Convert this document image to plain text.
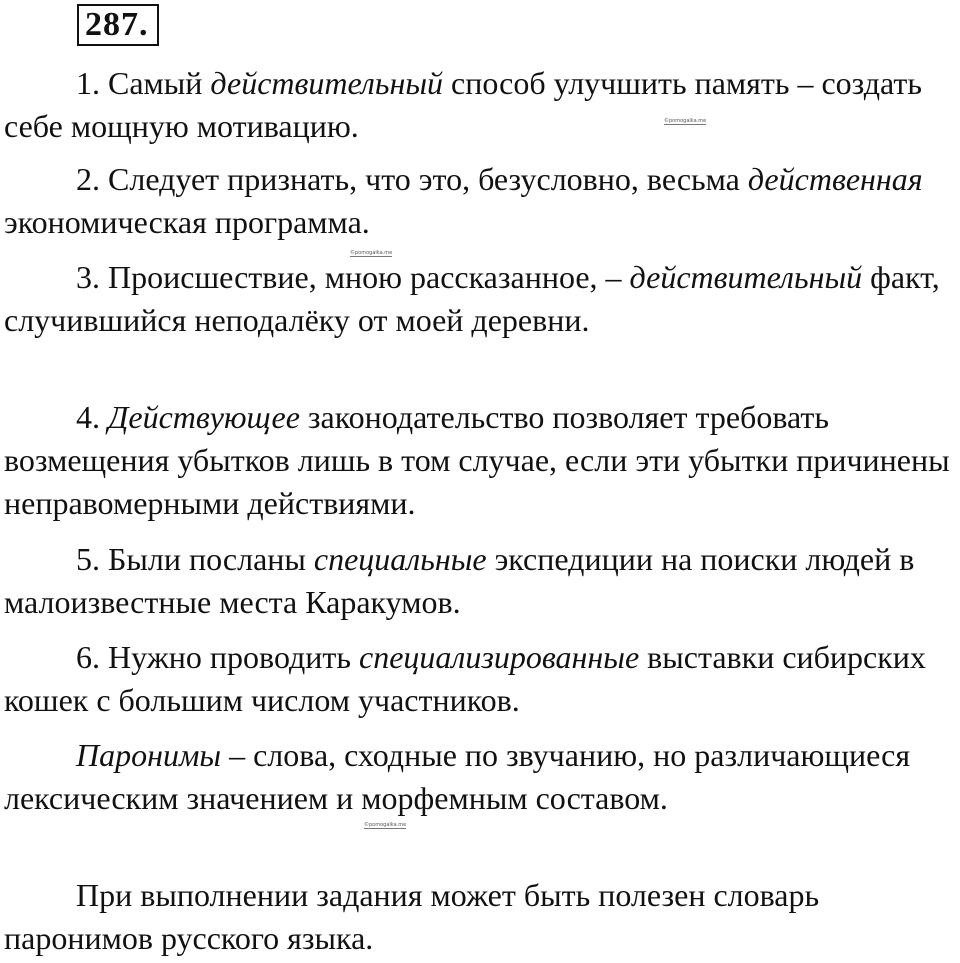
287.

1. Самый действительный способ улучшить память – создать себе мощную мотивацию.

2. Следует признать, что это, безусловно, весьма действенная экономическая программа.

3. Происшествие, мною рассказанное, – действительный факт, случившийся неподалёку от моей деревни.

4. Действующее законодательство позволяет требовать возмещения убытков лишь в том случае, если эти убытки причинены неправомерными действиями.

5. Были посланы специальные экспедиции на поиски людей в малоизвестные места Каракумов.

6. Нужно проводить специализированные выставки сибирских кошек с большим числом участников.

Паронимы – слова, сходные по звучанию, но различающиеся лексическим значением и морфемным составом.

При выполнении задания может быть полезен словарь паронимов русского языка.

©pomogalka.me
©pomogalka.me
©pomogalka.me
